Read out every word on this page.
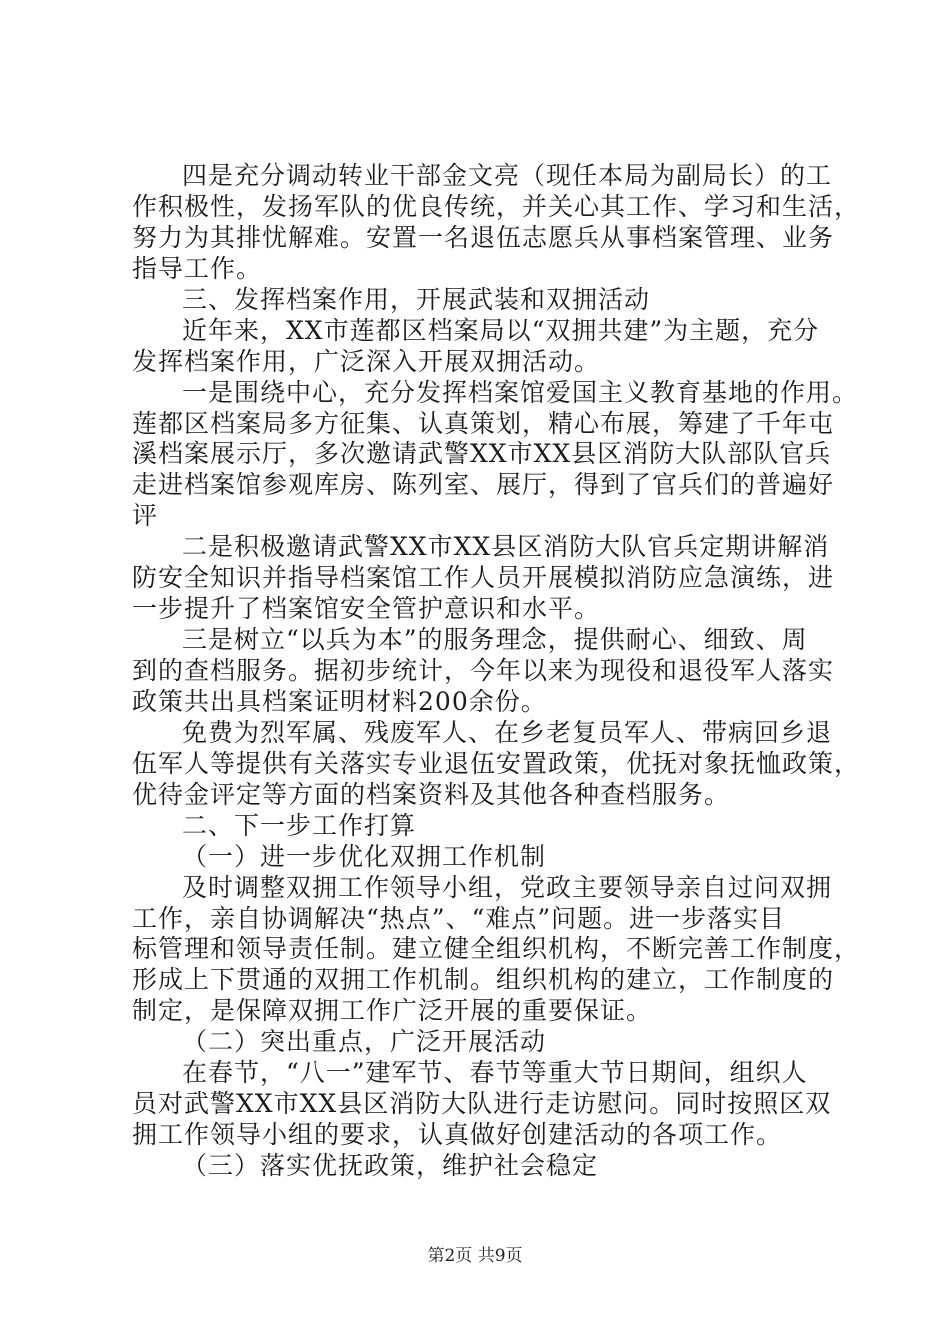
四是充分调动转业干部金文亮（现任本局为副局长）的工
作积极性，发扬军队的优良传统，并关心其工作、学习和生活，
努力为其排忧解难。安置一名退伍志愿兵从事档案管理、业务
指导工作。
三、发挥档案作用，开展武装和双拥活动
近年来，XX市莲都区档案局以“双拥共建”为主题，充分
发挥档案作用，广泛深入开展双拥活动。
一是围绕中心，充分发挥档案馆爱国主义教育基地的作用。
莲都区档案局多方征集、认真策划，精心布展，筹建了千年屯
溪档案展示厅，多次邀请武警XX市XX县区消防大队部队官兵
走进档案馆参观库房、陈列室、展厅，得到了官兵们的普遍好
评
二是积极邀请武警XX市XX县区消防大队官兵定期讲解消
防安全知识并指导档案馆工作人员开展模拟消防应急演练，进
一步提升了档案馆安全管护意识和水平。
三是树立“以兵为本”的服务理念，提供耐心、细致、周
到的查档服务。据初步统计，今年以来为现役和退役军人落实
政策共出具档案证明材料200余份。
免费为烈军属、残废军人、在乡老复员军人、带病回乡退
伍军人等提供有关落实专业退伍安置政策，优抚对象抚恤政策，
优待金评定等方面的档案资料及其他各种查档服务。
二、下一步工作打算
（一）进一步优化双拥工作机制
及时调整双拥工作领导小组，党政主要领导亲自过问双拥
工作，亲自协调解决“热点”、“难点”问题。进一步落实目
标管理和领导责任制。建立健全组织机构，不断完善工作制度，
形成上下贯通的双拥工作机制。组织机构的建立，工作制度的
制定，是保障双拥工作广泛开展的重要保证。
（二）突出重点，广泛开展活动
在春节，“八一”建军节、春节等重大节日期间，组织人
员对武警XX市XX县区消防大队进行走访慰问。同时按照区双
拥工作领导小组的要求，认真做好创建活动的各项工作。
（三）落实优抚政策，维护社会稳定
第2页 共9页
